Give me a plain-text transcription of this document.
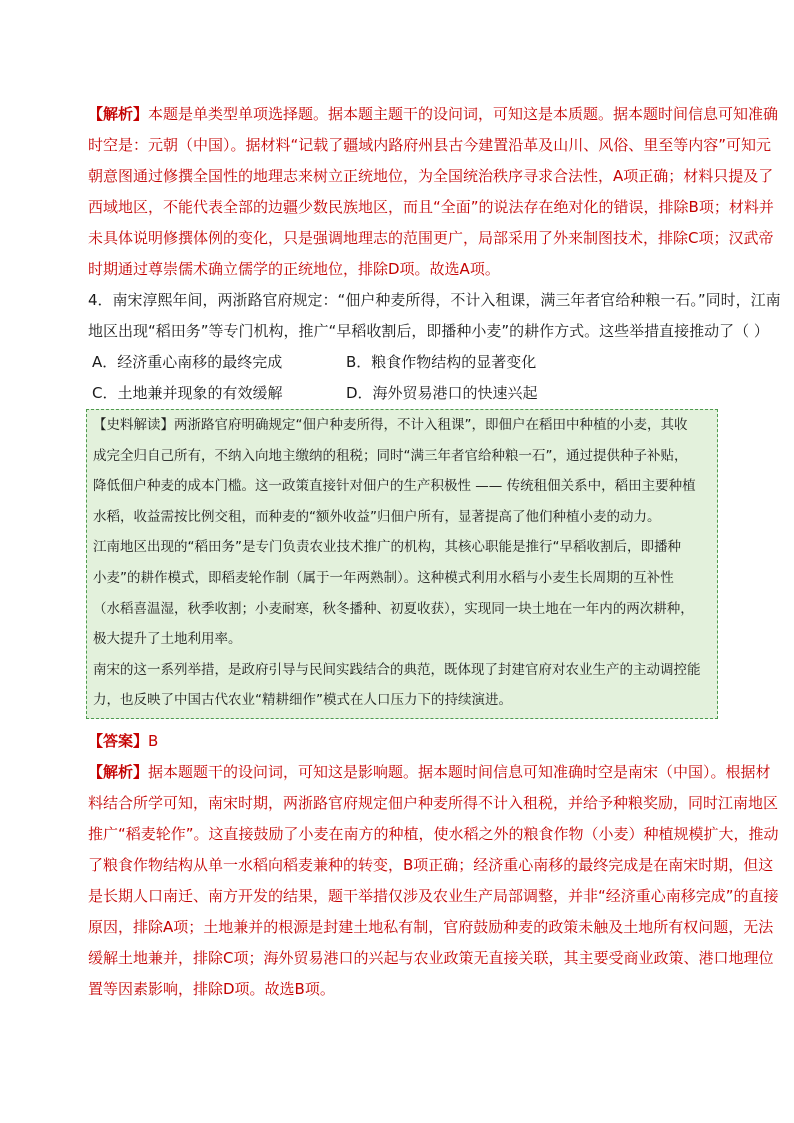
【解析】本题是单类型单项选择题。据本题主题干的设问词，可知这是本质题。据本题时间信息可知准确
时空是：元朝（中国）。据材料“记载了疆域内路府州县古今建置沿革及山川、风俗、里至等内容”可知元
朝意图通过修撰全国性的地理志来树立正统地位，为全国统治秩序寻求合法性，A项正确；材料只提及了
西域地区，不能代表全部的边疆少数民族地区，而且“全面”的说法存在绝对化的错误，排除B项；材料并
未具体说明修撰体例的变化，只是强调地理志的范围更广，局部采用了外来制图技术，排除C项；汉武帝
时期通过尊崇儒术确立儒学的正统地位，排除D项。故选A项。
4．南宋淳熙年间，两浙路官府规定：“佃户种麦所得，不计入租课，满三年者官给种粮一石。”同时，江南
地区出现“稻田务”等专门机构，推广“早稻收割后，即播种小麦”的耕作方式。这些举措直接推动了（ ）
A．经济重心南移的最终完成	B．粮食作物结构的显著变化
C．土地兼并现象的有效缓解	D．海外贸易港口的快速兴起
【史料解读】两浙路官府明确规定“佃户种麦所得，不计入租课”，即佃户在稻田中种植的小麦，其收
成完全归自己所有，不纳入向地主缴纳的租税；同时“满三年者官给种粮一石”，通过提供种子补贴，
降低佃户种麦的成本门槛。这一政策直接针对佃户的生产积极性 —— 传统租佃关系中，稻田主要种植
水稻，收益需按比例交租，而种麦的“额外收益”归佃户所有，显著提高了他们种植小麦的动力。
江南地区出现的“稻田务”是专门负责农业技术推广的机构，其核心职能是推行“早稻收割后，即播种
小麦”的耕作模式，即稻麦轮作制（属于一年两熟制）。这种模式利用水稻与小麦生长周期的互补性
（水稻喜温湿，秋季收割；小麦耐寒，秋冬播种、初夏收获），实现同一块土地在一年内的两次耕种，
极大提升了土地利用率。
南宋的这一系列举措，是政府引导与民间实践结合的典范，既体现了封建官府对农业生产的主动调控能
力，也反映了中国古代农业“精耕细作”模式在人口压力下的持续演进。
【答案】B
【解析】据本题题干的设问词，可知这是影响题。据本题时间信息可知准确时空是南宋（中国）。根据材
料结合所学可知，南宋时期，两浙路官府规定佃户种麦所得不计入租税，并给予种粮奖励，同时江南地区
推广“稻麦轮作”。这直接鼓励了小麦在南方的种植，使水稻之外的粮食作物（小麦）种植规模扩大，推动
了粮食作物结构从单一水稻向稻麦兼种的转变，B项正确；经济重心南移的最终完成是在南宋时期，但这
是长期人口南迁、南方开发的结果，题干举措仅涉及农业生产局部调整，并非“经济重心南移完成”的直接
原因，排除A项；土地兼并的根源是封建土地私有制，官府鼓励种麦的政策未触及土地所有权问题，无法
缓解土地兼并，排除C项；海外贸易港口的兴起与农业政策无直接关联，其主要受商业政策、港口地理位
置等因素影响，排除D项。故选B项。
